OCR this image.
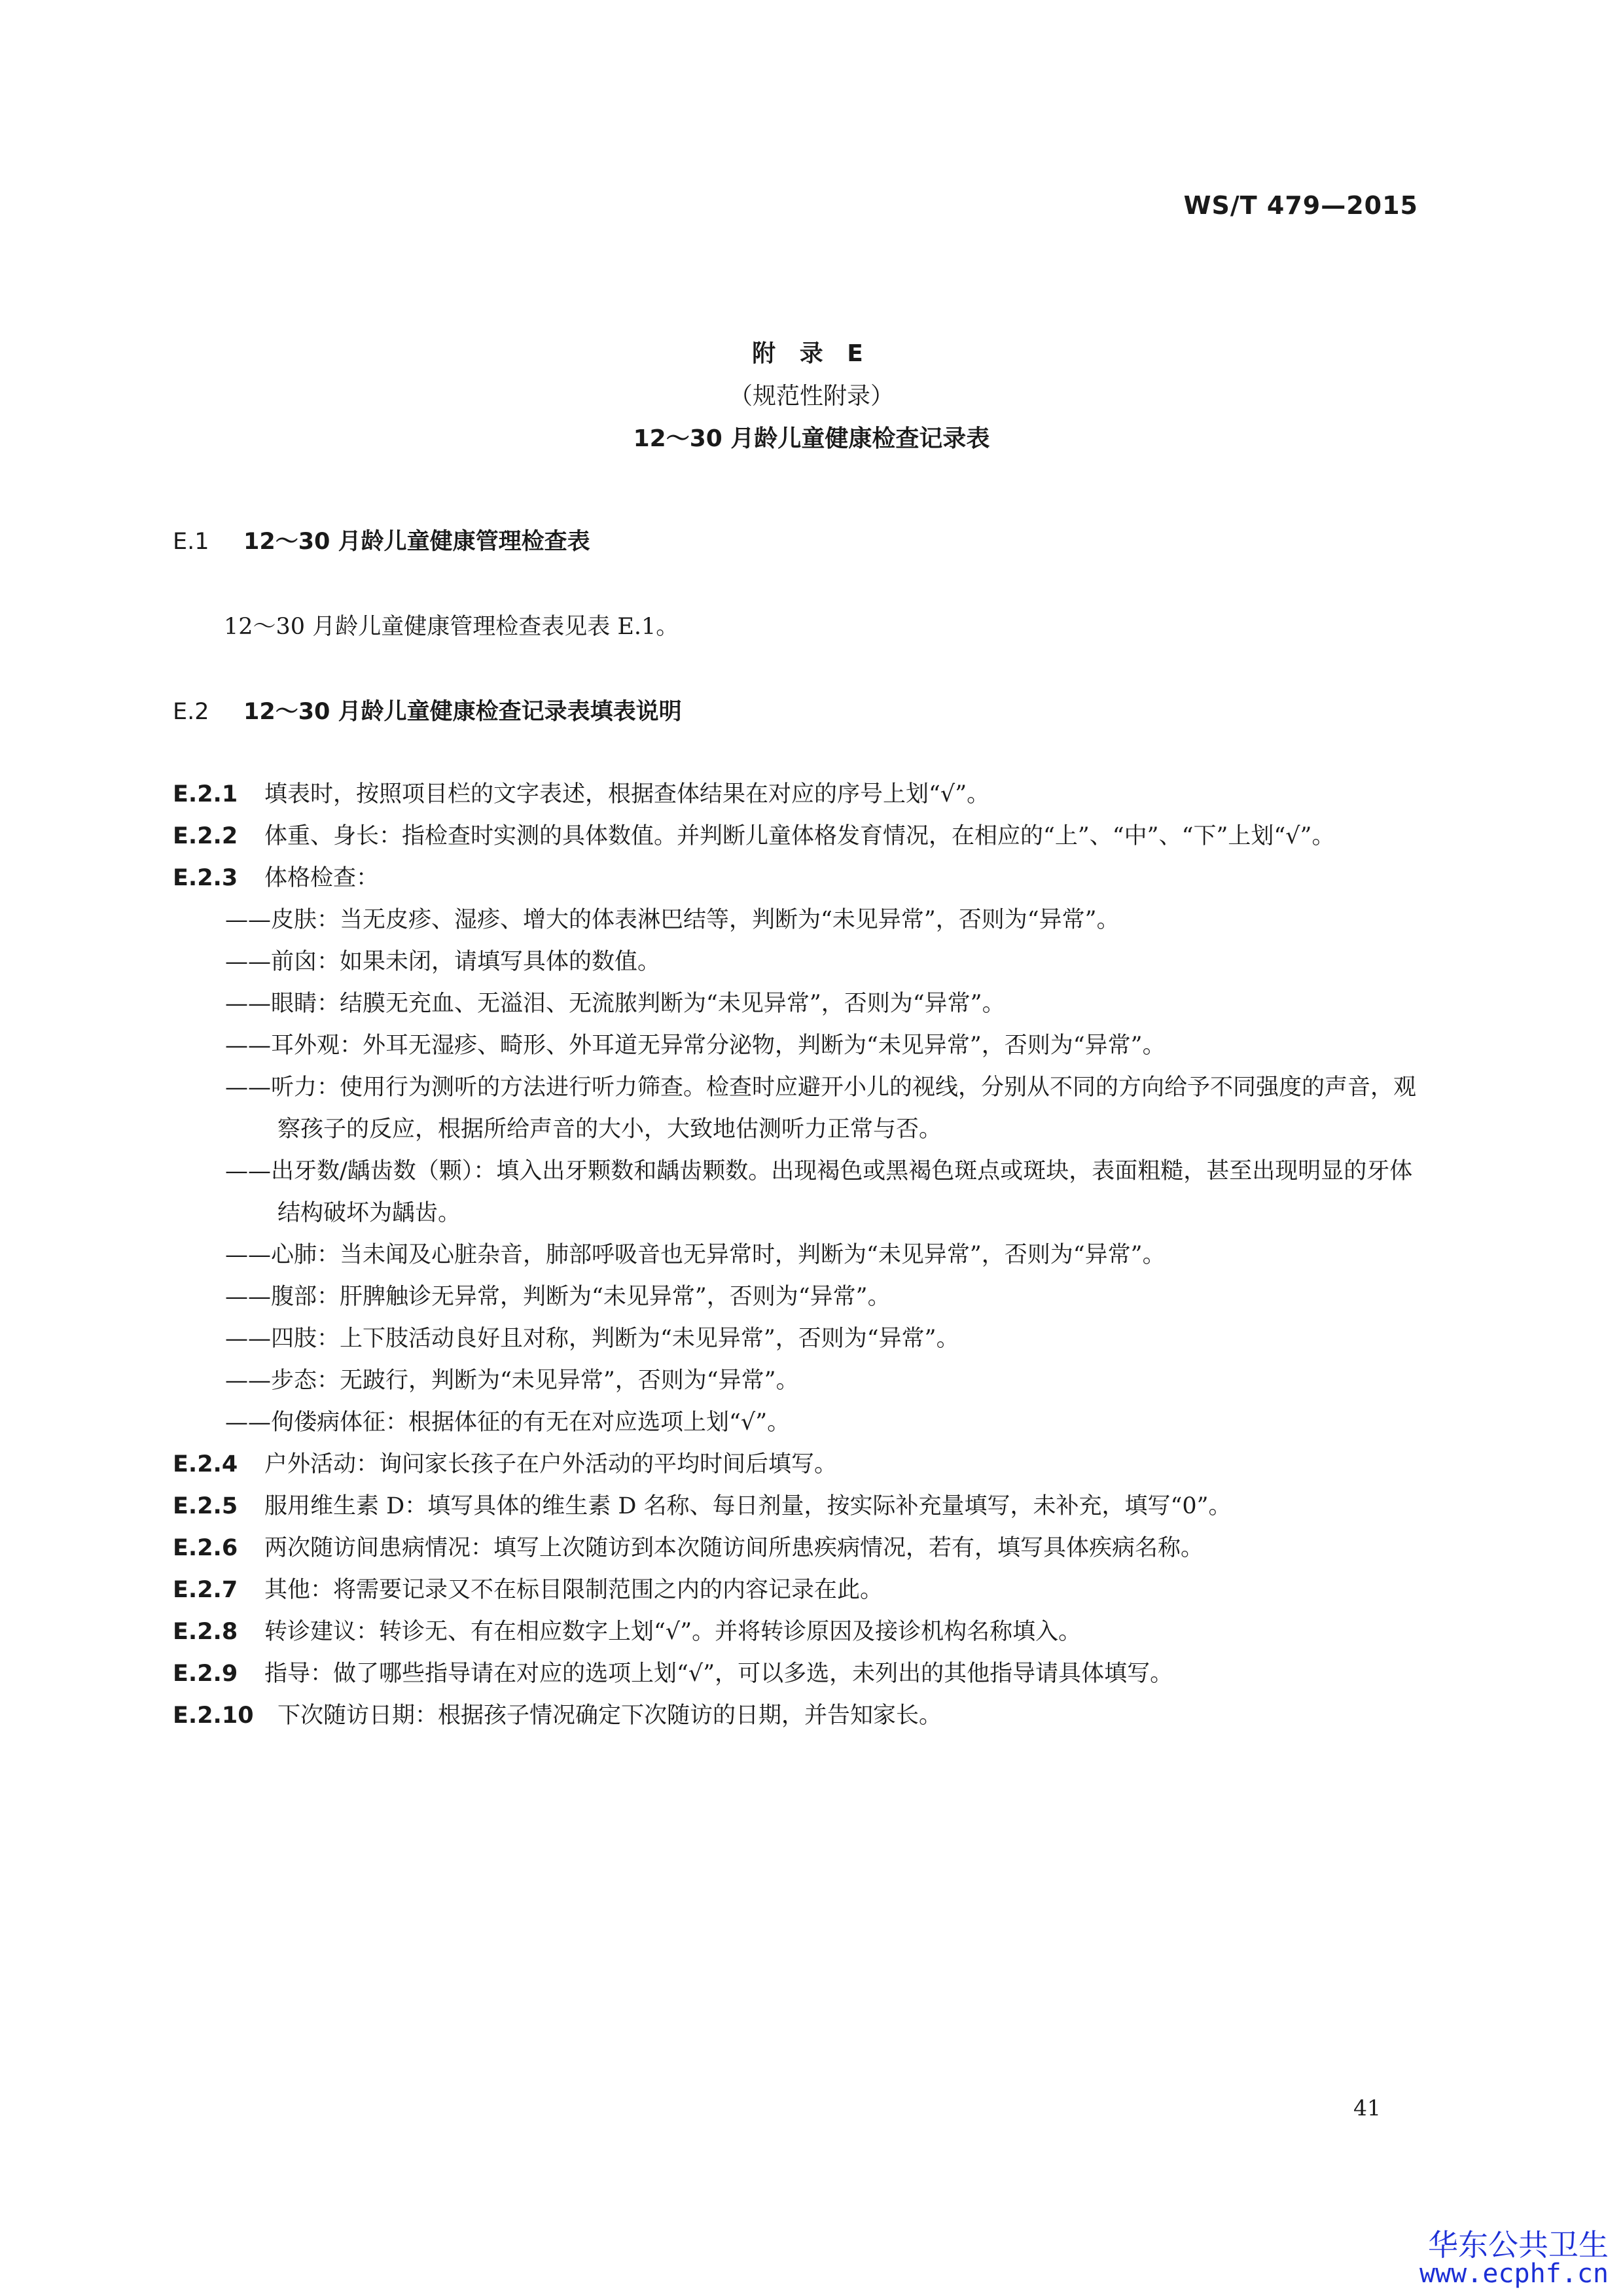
WS/T 479—2015
附 录 E
（规范性附录）
12～30 月龄儿童健康检查记录表
E.1 12～30 月龄儿童健康管理检查表
12～30 月龄儿童健康管理检查表见表 E.1。
E.2 12～30 月龄儿童健康检查记录表填表说明

E.2.1 填表时，按照项目栏的文字表述，根据查体结果在对应的序号上划“√”。

E.2.2 体重、身长：指检查时实测的具体数值。并判断儿童体格发育情况，在相应的“上”、“中”、“下”上划“√”。

E.2.3 体格检查：

——皮肤：当无皮疹、湿疹、增大的体表淋巴结等，判断为“未见异常”，否则为“异常”。

——前囟：如果未闭，请填写具体的数值。

——眼睛：结膜无充血、无溢泪、无流脓判断为“未见异常”，否则为“异常”。

——耳外观：外耳无湿疹、畸形、外耳道无异常分泌物，判断为“未见异常”，否则为“异常”。

——听力：使用行为测听的方法进行听力筛查。检查时应避开小儿的视线，分别从不同的方向给予不同强度的声音，观察孩子的反应，根据所给声音的大小，大致地估测听力正常与否。

——出牙数/龋齿数（颗）：填入出牙颗数和龋齿颗数。出现褐色或黑褐色斑点或斑块，表面粗糙，甚至出现明显的牙体结构破坏为龋齿。

——心肺：当未闻及心脏杂音，肺部呼吸音也无异常时，判断为“未见异常”，否则为“异常”。

——腹部：肝脾触诊无异常，判断为“未见异常”，否则为“异常”。

——四肢：上下肢活动良好且对称，判断为“未见异常”，否则为“异常”。

——步态：无跛行，判断为“未见异常”，否则为“异常”。

——佝偻病体征：根据体征的有无在对应选项上划“√”。

E.2.4 户外活动：询问家长孩子在户外活动的平均时间后填写。

E.2.5 服用维生素 D：填写具体的维生素 D 名称、每日剂量，按实际补充量填写，未补充，填写“0”。

E.2.6 两次随访间患病情况：填写上次随访到本次随访间所患疾病情况，若有，填写具体疾病名称。

E.2.7 其他：将需要记录又不在标目限制范围之内的内容记录在此。

E.2.8 转诊建议：转诊无、有在相应数字上划“√”。并将转诊原因及接诊机构名称填入。

E.2.9 指导：做了哪些指导请在对应的选项上划“√”，可以多选，未列出的其他指导请具体填写。

E.2.10 下次随访日期：根据孩子情况确定下次随访的日期，并告知家长。

41
华东公共卫生
www.ecphf.cn
